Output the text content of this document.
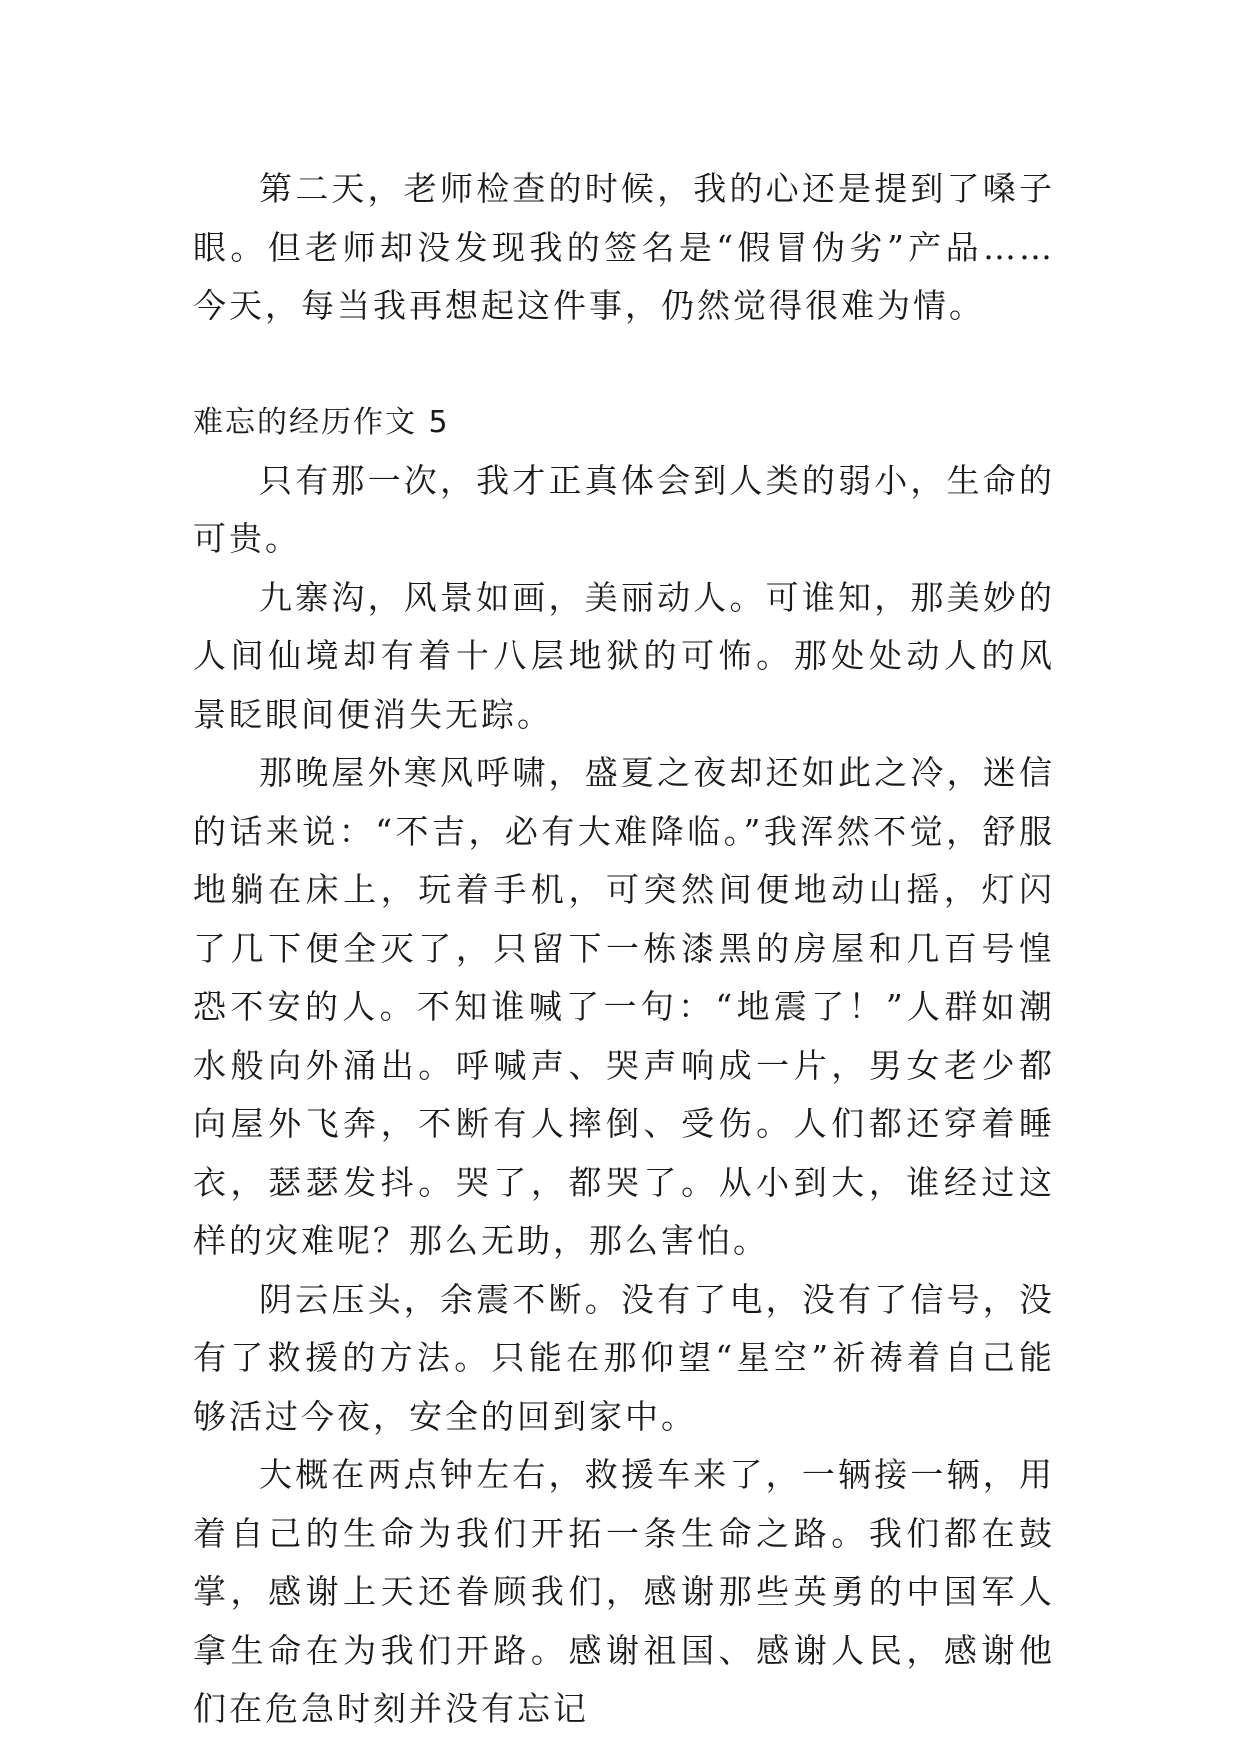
第二天，老师检查的时候，我的心还是提到了嗓子眼。但老师却没发现我的签名是“假冒伪劣”产品……今天，每当我再想起这件事，仍然觉得很难为情。

难忘的经历作文 5

只有那一次，我才正真体会到人类的弱小，生命的可贵。

九寨沟，风景如画，美丽动人。可谁知，那美妙的人间仙境却有着十八层地狱的可怖。那处处动人的风景眨眼间便消失无踪。

那晚屋外寒风呼啸，盛夏之夜却还如此之冷，迷信的话来说：“不吉，必有大难降临。”我浑然不觉，舒服地躺在床上，玩着手机，可突然间便地动山摇，灯闪了几下便全灭了，只留下一栋漆黑的房屋和几百号惶恐不安的人。不知谁喊了一句：“地震了！”人群如潮水般向外涌出。呼喊声、哭声响成一片，男女老少都向屋外飞奔，不断有人摔倒、受伤。人们都还穿着睡衣，瑟瑟发抖。哭了，都哭了。从小到大，谁经过这样的灾难呢？那么无助，那么害怕。

阴云压头，余震不断。没有了电，没有了信号，没有了救援的方法。只能在那仰望“星空”祈祷着自己能够活过今夜，安全的回到家中。

大概在两点钟左右，救援车来了，一辆接一辆，用着自己的生命为我们开拓一条生命之路。我们都在鼓掌，感谢上天还眷顾我们，感谢那些英勇的中国军人拿生命在为我们开路。感谢祖国、感谢人民，感谢他们在危急时刻并没有忘记
